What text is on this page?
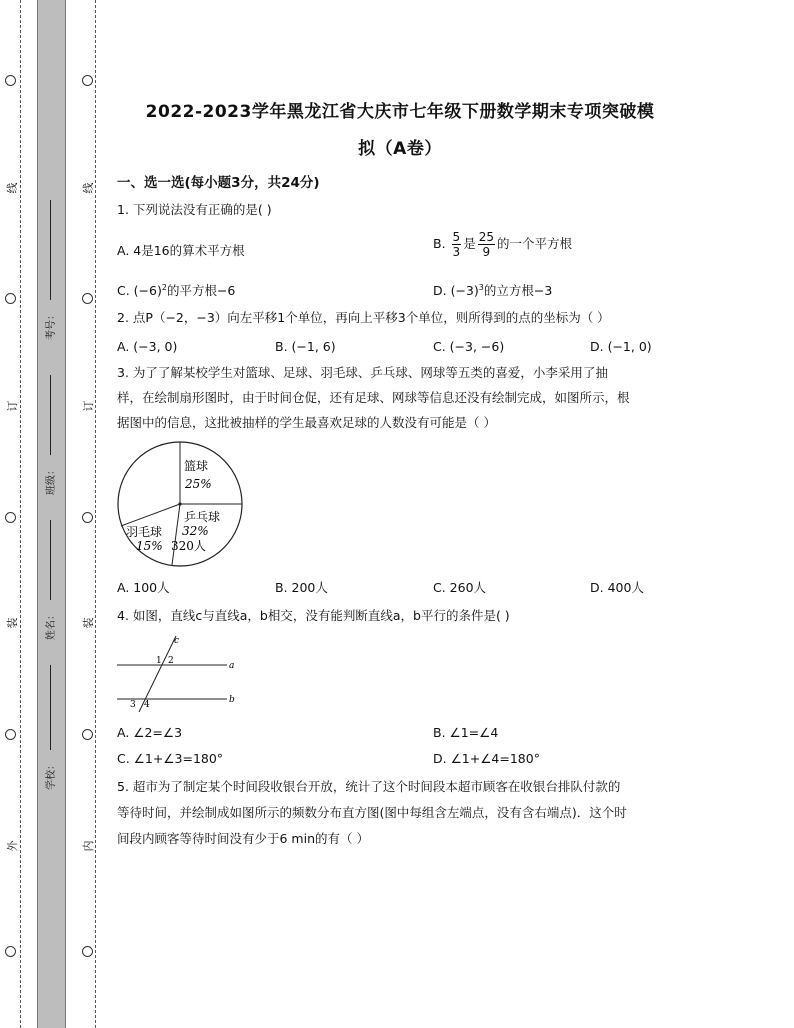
线
订
装
外
线
订
装
内
考号：
班级：
姓名：
学校：
2022-2023学年黑龙江省大庆市七年级下册数学期末专项突破模
拟（A卷）
一、选一选(每小题3分，共24分)
1. 下列说法没有正确的是( )
A. 4是16的算术平方根	B. $\frac{5}{3}$ 是 $\frac{25}{9}$ 的一个平方根
C. $(-6)^2$的平方根−6	D. $(-3)^3$的立方根−3
2. 点P（−2，−3）向左平移1个单位，再向上平移3个单位，则所得到的点的坐标为（ ）
A. (−3, 0)	B. (−1, 6)	C. (−3, −6)	D. (−1, 0)
3. 为了了解某校学生对篮球、足球、羽毛球、乒乓球、网球等五类的喜爱，小李采用了抽
样，在绘制扇形图时，由于时间仓促，还有足球、网球等信息还没有绘制完成，如图所示，根
据图中的信息，这批被抽样的学生最喜欢足球的人数没有可能是（ ）
篮球
25%
乒乓球
32%
320人
羽毛球
15%
A. 100人	B. 200人	C. 260人	D. 400人
4. 如图，直线c与直线a，b相交，没有能判断直线a，b平行的条件是( )
c
a
b
1 2
3 4
A. ∠2=∠3	B. ∠1=∠4
C. ∠1+∠3=180°	D. ∠1+∠4=180°
5. 超市为了制定某个时间段收银台开放，统计了这个时间段本超市顾客在收银台排队付款的
等待时间，并绘制成如图所示的频数分布直方图(图中每组含左端点，没有含右端点)．这个时
间段内顾客等待时间没有少于6 min的有（ ）
